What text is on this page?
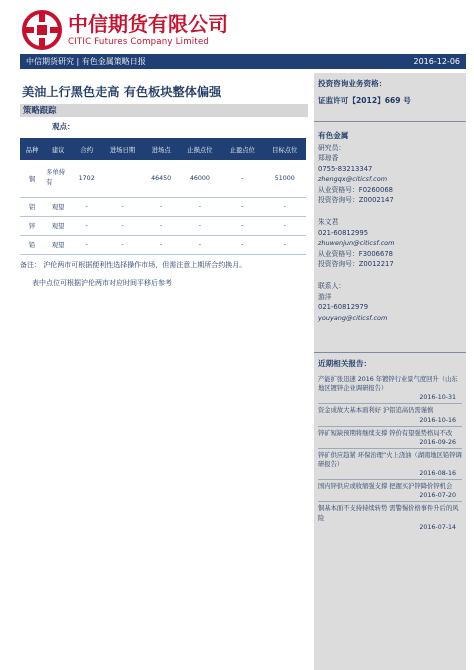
中信期货有限公司
CITIC Futures Company Limited
中信期货研究 | 有色金属策略日报	2016-12-06
美油上行黑色走高 有色板块整体偏强
策略跟踪
观点：
品种	建议	合约	进场日期	进场点	止损点位	止盈点位	目标点位
铜	多单持有	1702		46450	46000	-	51000
铝	观望	-	-	-	-	-	-
锌	观望	-	-	-	-	-	-
铅	观望	-	-	-	-	-	-
备注： 沪伦两市可根据便利性选择操作市场，但需注意上期所合约换月。
表中点位可根据沪伦两市对应时间平移后参考
投资咨询业务资格：
证监许可【2012】669 号
有色金属
研究员：
郑琼香
0755-83213347
zhengqx@citicsf.com
从业资格号：F0260068
投资咨询号：Z0002147
朱文君
021-60812995
zhuwenjun@citicsf.com
从业资格号：F3006678
投资咨询号：Z0012217
联系人：
游洋
021-60812979
youyang@citicsf.com
近期相关报告：
产能扩张迅速 2016 年镀锌行业景气度回升（山东地区镀锌企业调研报告）
2016-10-31
资金成故大基本面利好 沪铝追高仍需谨慎
2016-10-16
锌矿短缺预期将继续支撑 锌价有望强势格局不改
2016-09-26
锌矿供应趋紧 环保治理“火上浇油（湖南地区铅锌调研报告）
2016-08-16
国内锌供应或收缩强支撑 把握买沪锌降价锌机会
2016-07-20
铜基本面不支持持续转势 需警惕价格事件升后的风险
2016-07-14
